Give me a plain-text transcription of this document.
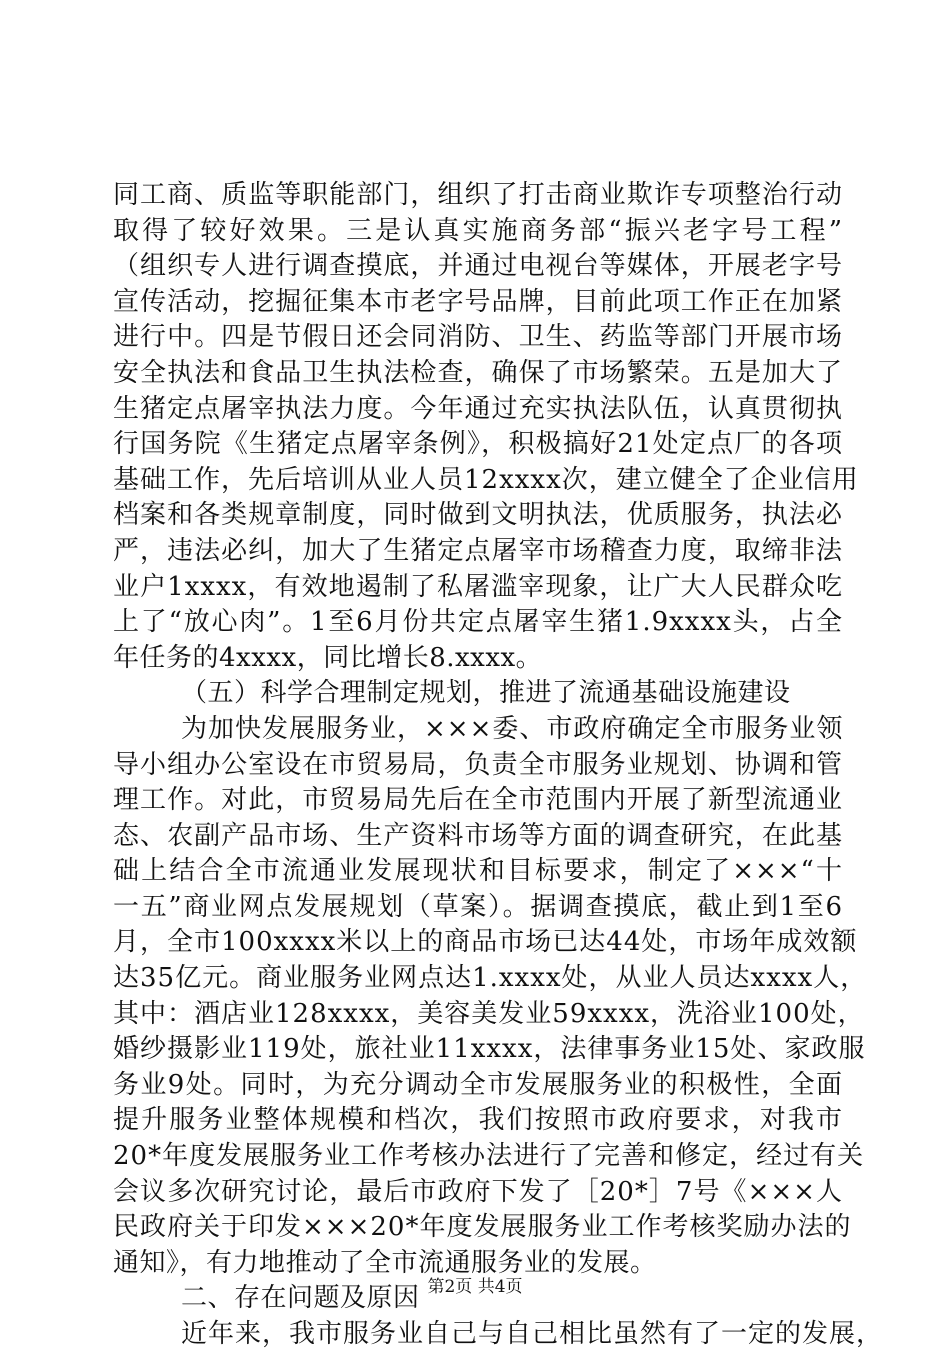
同工商、质监等职能部门，组织了打击商业欺诈专项整治行动
取得了较好效果。三是认真实施商务部“振兴老字号工程”
（组织专人进行调查摸底，并通过电视台等媒体，开展老字号
宣传活动，挖掘征集本市老字号品牌，目前此项工作正在加紧
进行中。四是节假日还会同消防、卫生、药监等部门开展市场
安全执法和食品卫生执法检查，确保了市场繁荣。五是加大了
生猪定点屠宰执法力度。今年通过充实执法队伍，认真贯彻执
行国务院《生猪定点屠宰条例》，积极搞好21处定点厂的各项
基础工作，先后培训从业人员12xxxx次，建立健全了企业信用
档案和各类规章制度，同时做到文明执法，优质服务，执法必
严，违法必纠，加大了生猪定点屠宰市场稽查力度，取缔非法
业户1xxxx，有效地遏制了私屠滥宰现象，让广大人民群众吃
上了“放心肉”。1至6月份共定点屠宰生猪1.9xxxx头，占全
年任务的4xxxx，同比增长8.xxxx。
（五）科学合理制定规划，推进了流通基础设施建设
为加快发展服务业，×××委、市政府确定全市服务业领
导小组办公室设在市贸易局，负责全市服务业规划、协调和管
理工作。对此，市贸易局先后在全市范围内开展了新型流通业
态、农副产品市场、生产资料市场等方面的调查研究，在此基
础上结合全市流通业发展现状和目标要求，制定了×××“十
一五”商业网点发展规划（草案）。据调查摸底，截止到1至6
月，全市100xxxx米以上的商品市场已达44处，市场年成效额
达35亿元。商业服务业网点达1.xxxx处，从业人员达xxxx人，
其中：酒店业128xxxx，美容美发业59xxxx，洗浴业100处，
婚纱摄影业119处，旅社业11xxxx，法律事务业15处、家政服
务业9处。同时，为充分调动全市发展服务业的积极性，全面
提升服务业整体规模和档次，我们按照市政府要求，对我市
20*年度发展服务业工作考核办法进行了完善和修定，经过有关
会议多次研究讨论，最后市政府下发了［20*］7号《×××人
民政府关于印发×××20*年度发展服务业工作考核奖励办法的
通知》，有力地推动了全市流通服务业的发展。
二、存在问题及原因
近年来，我市服务业自己与自己相比虽然有了一定的发展，
第2页 共4页
